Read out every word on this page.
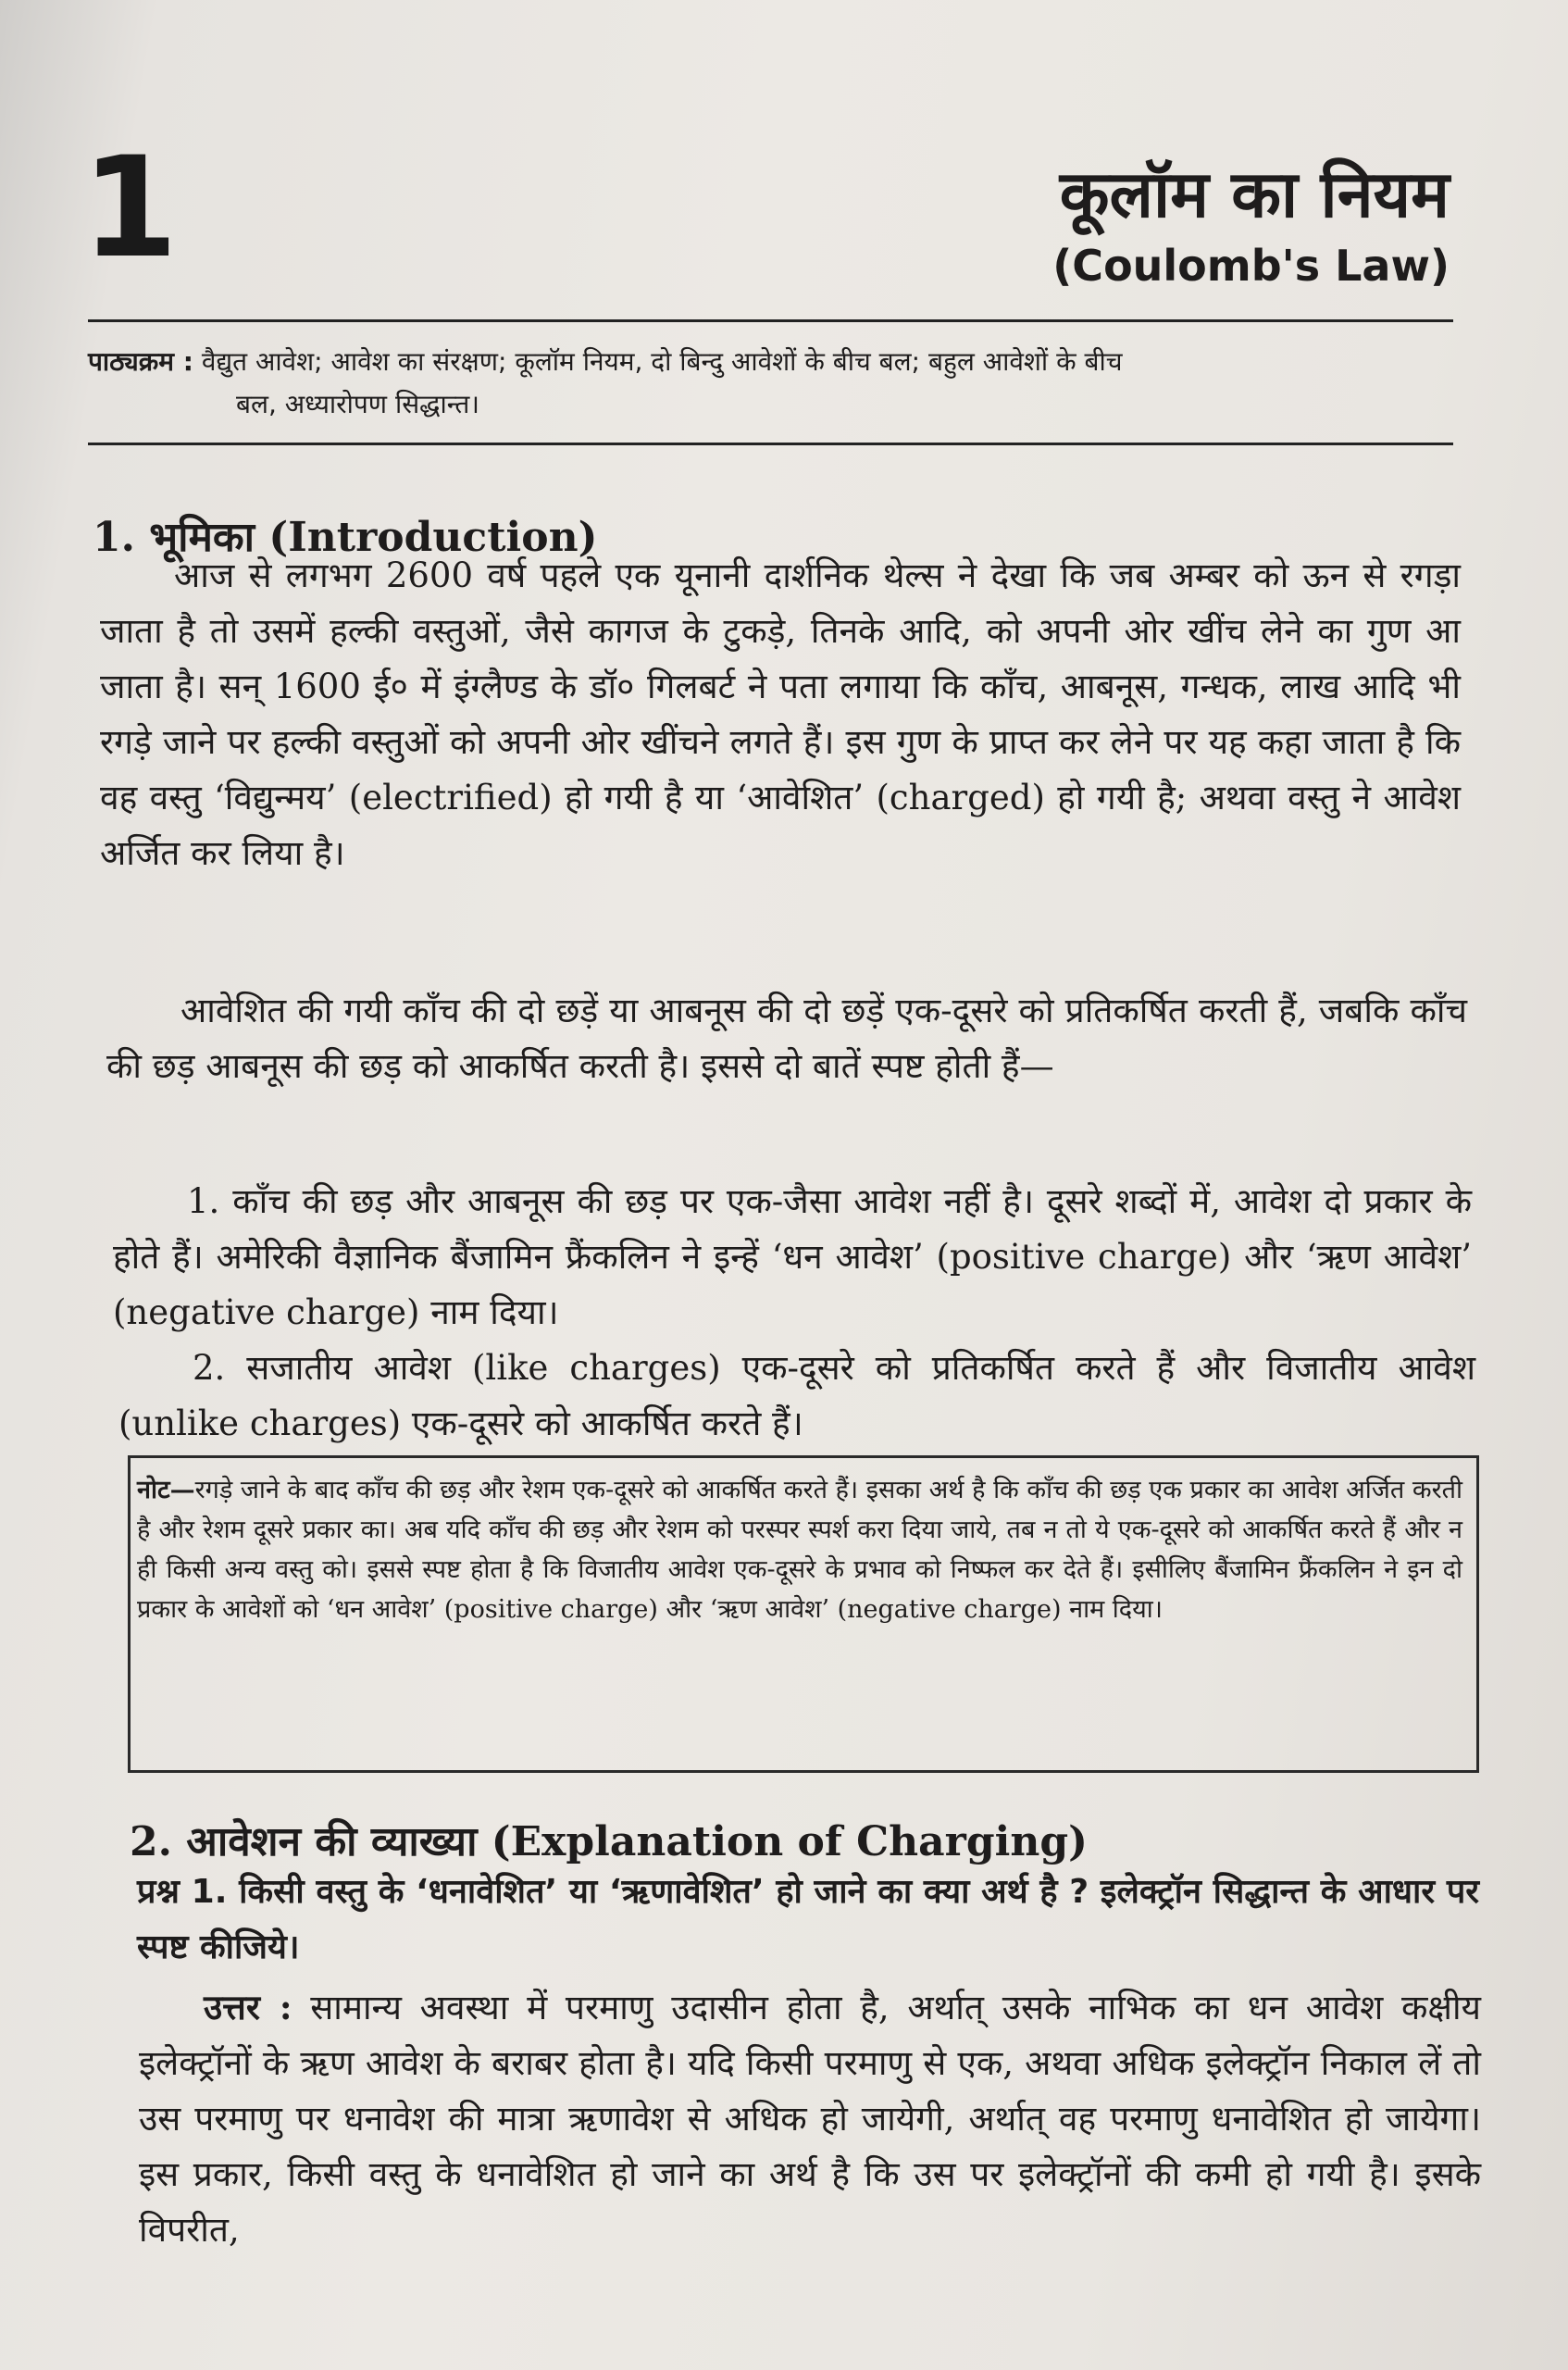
1	कूलॉम का नियम
(Coulomb's Law)
पाठ्यक्रम : वैद्युत आवेश; आवेश का संरक्षण; कूलॉम नियम, दो बिन्दु आवेशों के बीच बल; बहुल आवेशों के बीच
बल, अध्यारोपण सिद्धान्त।
1. भूमिका (Introduction)

आज से लगभग 2600 वर्ष पहले एक यूनानी दार्शनिक थेल्स ने देखा कि जब अम्बर को ऊन से रगड़ा जाता है तो उसमें हल्की वस्तुओं, जैसे कागज के टुकड़े, तिनके आदि, को अपनी ओर खींच लेने का गुण आ जाता है। सन् 1600 ई० में इंग्लैण्ड के डॉ० गिलबर्ट ने पता लगाया कि काँच, आबनूस, गन्धक, लाख आदि भी रगड़े जाने पर हल्की वस्तुओं को अपनी ओर खींचने लगते हैं। इस गुण के प्राप्त कर लेने पर यह कहा जाता है कि वह वस्तु ‘विद्युन्मय’ (electrified) हो गयी है या ‘आवेशित’ (charged) हो गयी है; अथवा वस्तु ने आवेश अर्जित कर लिया है।

आवेशित की गयी काँच की दो छड़ें या आबनूस की दो छड़ें एक-दूसरे को प्रतिकर्षित करती हैं, जबकि काँच की छड़ आबनूस की छड़ को आकर्षित करती है। इससे दो बातें स्पष्ट होती हैं—

1. काँच की छड़ और आबनूस की छड़ पर एक-जैसा आवेश नहीं है। दूसरे शब्दों में, आवेश दो प्रकार के होते हैं। अमेरिकी वैज्ञानिक बैंजामिन फ्रैंकलिन ने इन्हें ‘धन आवेश’ (positive charge) और ‘ऋण आवेश’ (negative charge) नाम दिया।

2. सजातीय आवेश (like charges) एक-दूसरे को प्रतिकर्षित करते हैं और विजातीय आवेश (unlike charges) एक-दूसरे को आकर्षित करते हैं।

नोट—रगड़े जाने के बाद काँच की छड़ और रेशम एक-दूसरे को आकर्षित करते हैं। इसका अर्थ है कि काँच की छड़ एक प्रकार का आवेश अर्जित करती है और रेशम दूसरे प्रकार का। अब यदि काँच की छड़ और रेशम को परस्पर स्पर्श करा दिया जाये, तब न तो ये एक-दूसरे को आकर्षित करते हैं और न ही किसी अन्य वस्तु को। इससे स्पष्ट होता है कि विजातीय आवेश एक-दूसरे के प्रभाव को निष्फल कर देते हैं। इसीलिए बैंजामिन फ्रैंकलिन ने इन दो प्रकार के आवेशों को ‘धन आवेश’ (positive charge) और ‘ऋण आवेश’ (negative charge) नाम दिया।

2. आवेशन की व्याख्या (Explanation of Charging)

प्रश्न 1. किसी वस्तु के ‘धनावेशित’ या ‘ऋणावेशित’ हो जाने का क्या अर्थ है ? इलेक्ट्रॉन सिद्धान्त के आधार पर स्पष्ट कीजिये।

उत्तर : सामान्य अवस्था में परमाणु उदासीन होता है, अर्थात् उसके नाभिक का धन आवेश कक्षीय इलेक्ट्रॉनों के ऋण आवेश के बराबर होता है। यदि किसी परमाणु से एक, अथवा अधिक इलेक्ट्रॉन निकाल लें तो उस परमाणु पर धनावेश की मात्रा ऋणावेश से अधिक हो जायेगी, अर्थात् वह परमाणु धनावेशित हो जायेगा। इस प्रकार, किसी वस्तु के धनावेशित हो जाने का अर्थ है कि उस पर इलेक्ट्रॉनों की कमी हो गयी है। इसके विपरीत,
